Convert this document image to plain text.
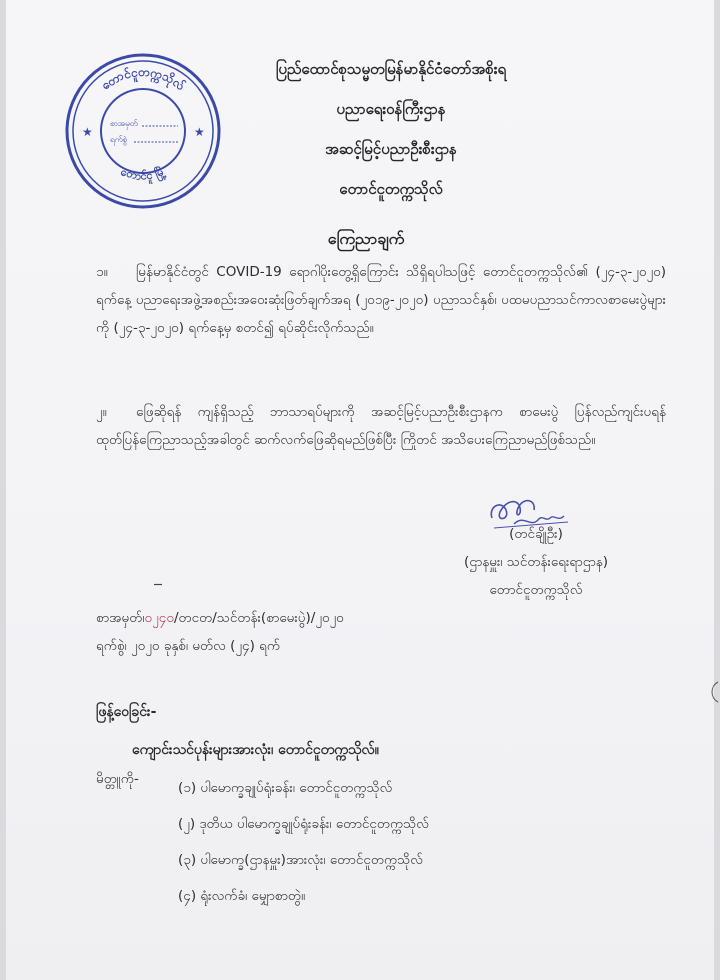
တောင်ငူတက္ကသိုလ်
တောင်ငူ မြို့
★	★
စာအမှတ်
ရက်စွဲ

ပြည်ထောင်စုသမ္မတမြန်မာနိုင်ငံတော်အစိုးရ

ပညာရေးဝန်ကြီးဌာန

အဆင့်မြင့်ပညာဦးစီးဌာန

တောင်ငူတက္ကသိုလ်

ကြေညာချက်
၁။ မြန်မာနိုင်ငံတွင် COVID-19 ရောဂါပိုးတွေ့ရှိကြောင်း သိရှိရပါသဖြင့် တောင်ငူတက္ကသိုလ်၏ (၂၄-၃-၂၀၂၀) ရက်နေ့ ပညာရေးအဖွဲ့အစည်းအဝေးဆုံးဖြတ်ချက်အရ (၂၀၁၉-၂၀၂၀) ပညာသင်နှစ်၊ ပထမပညာသင်ကာလစာမေးပွဲများကို (၂၄-၃-၂၀၂၀) ရက်နေ့မှ စတင်၍ ရပ်ဆိုင်းလိုက်သည်။
၂။ ဖြေဆိုရန် ကျန်ရှိသည့် ဘာသာရပ်များကို အဆင့်မြင့်ပညာဦးစီးဌာနက စာမေးပွဲ ပြန်လည်ကျင်းပရန် ထုတ်ပြန်ကြေညာသည့်အခါတွင် ဆက်လက်ဖြေဆိုရမည်ဖြစ်ပြီး ကြိုတင် အသိပေးကြေညာမည်ဖြစ်သည်။
(တင်ချိုဦး)
(ဌာနမှူး၊ သင်တန်းရေးရာဌာန)
တောင်ငူတက္ကသိုလ်
စာအမှတ်၊၀၂၄၀/တငတ/သင်တန်း(စာမေးပွဲ)/၂၀၂၀
ရက်စွဲ၊ ၂၀၂၀ ခုနှစ်၊ မတ်လ (၂၄) ရက်
ဖြန့်ဝေခြင်း-
ကျောင်းသင်ပုန်းများအားလုံး၊ တောင်ငူတက္ကသိုလ်။
မိတ္တူကို-
(၁) ပါမောက္ခချုပ်ရုံးခန်း၊ တောင်ငူတက္ကသိုလ်
(၂) ဒုတိယ ပါမောက္ခချုပ်ရုံးခန်း၊ တောင်ငူတက္ကသိုလ်
(၃) ပါမောက္ခ(ဌာနမှူး)အားလုံး၊ တောင်ငူတက္ကသိုလ်
(၄) ရုံးလက်ခံ၊ မျှောစာတွဲ။
